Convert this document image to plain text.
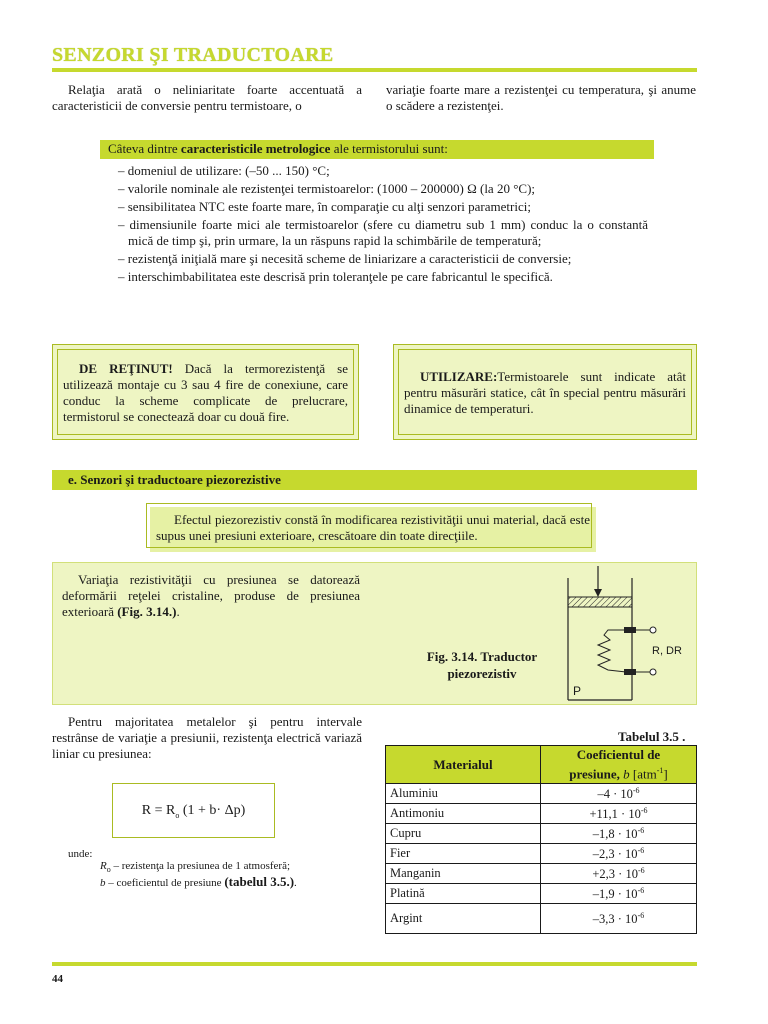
SENZORI ŞI TRADUCTOARE
Relaţia arată o neliniaritate foarte accentuată a caracteristicii de conversie pentru termistoare, o
variaţie foarte mare a rezistenţei cu temperatura, şi anume o scădere a rezistenţei.
Câteva dintre caracteristicile metrologice ale termistorului sunt:
– domeniul de utilizare: (–50 ... 150) °C;
– valorile nominale ale rezistenţei termistoarelor: (1000 – 200000) Ω (la 20 °C);
– sensibilitatea NTC este foarte mare, în comparaţie cu alţi senzori parametrici;
– dimensiunile foarte mici ale termistoarelor (sfere cu diametru sub 1 mm) conduc la o constantă mică de timp şi, prin urmare, la un răspuns rapid la schimbările de temperatură;
– rezistenţă iniţială mare şi necesită scheme de liniarizare a caracteristicii de conversie;
– interschimbabilitatea este descrisă prin toleranţele pe care fabricantul le specifică.
DE REŢINUT! Dacă la termorezistenţă se utilizează montaje cu 3 sau 4 fire de conexiune, care conduc la scheme complicate de prelucrare, termistorul se conectează doar cu două fire.
UTILIZARE:Termistoarele sunt indicate atât pentru măsurări statice, cât în special pentru măsurări dinamice de temperaturi.
e. Senzori şi traductoare piezorezistive
Efectul piezorezistiv constă în modificarea rezistivităţii unui material, dacă este supus unei presiuni exterioare, crescătoare din toate direcţiile.
Variaţia rezistivităţii cu presiunea se datorează deformării reţelei cristaline, produse de presiunea exterioară (Fig. 3.14.).
R, DR
P
Fig. 3.14. Traductor piezorezistiv
Pentru majoritatea metalelor şi pentru intervale restrânse de variaţie a presiunii, rezistenţa electrică variază liniar cu presiunea:
$R = R_o$ (1 + b· Δp)
unde:
$R_o$ – rezistenţa la presiunea de 1 atmosferă;
b – coeficientul de presiune (tabelul 3.5.).
Tabelul 3.5 .
Materialul	Coeficientul de
presiune, b [atm$^{-1}$]
Aluminiu	$-4 \cdot 10^{-6}$
Antimoniu	$+11,1 \cdot 10^{-6}$
Cupru	$-1,8 \cdot 10^{-6}$
Fier	$-2,3 \cdot 10^{-6}$
Manganin	$+2,3 \cdot 10^{-6}$
Platină	$-1,9 \cdot 10^{-6}$
Argint	$-3,3 \cdot 10^{-6}$
44
